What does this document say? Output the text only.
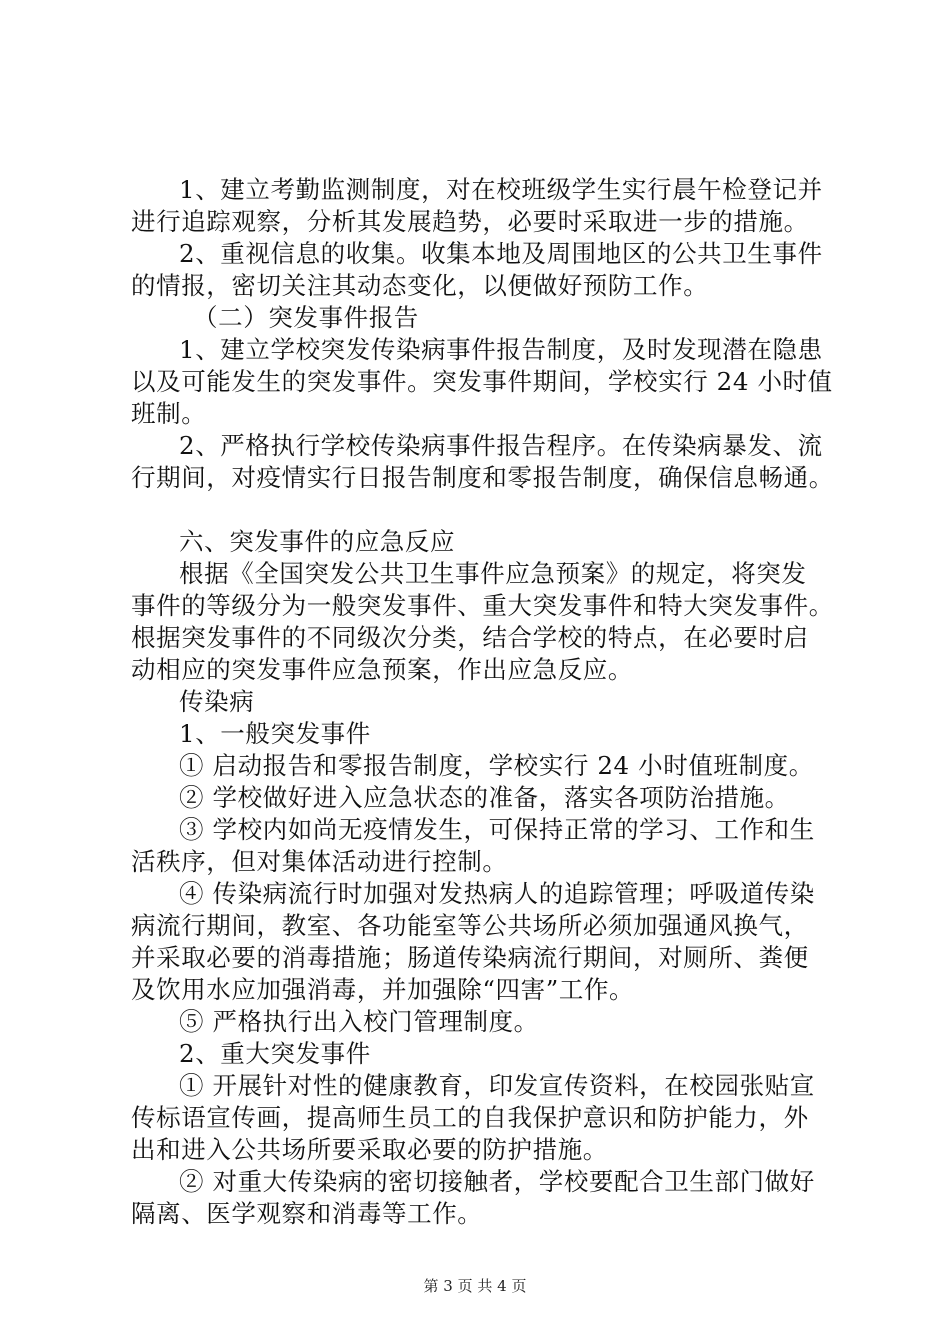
1、建立考勤监测制度，对在校班级学生实行晨午检登记并
进行追踪观察，分析其发展趋势，必要时采取进一步的措施。
2、重视信息的收集。收集本地及周围地区的公共卫生事件
的情报，密切关注其动态变化，以便做好预防工作。
（二）突发事件报告
1、建立学校突发传染病事件报告制度，及时发现潜在隐患
以及可能发生的突发事件。突发事件期间，学校实行 24 小时值
班制。
2、严格执行学校传染病事件报告程序。在传染病暴发、流
行期间，对疫情实行日报告制度和零报告制度，确保信息畅通。
六、突发事件的应急反应
根据《全国突发公共卫生事件应急预案》的规定，将突发
事件的等级分为一般突发事件、重大突发事件和特大突发事件。
根据突发事件的不同级次分类，结合学校的特点，在必要时启
动相应的突发事件应急预案，作出应急反应。
传染病
1、一般突发事件
① 启动报告和零报告制度，学校实行 24 小时值班制度。
② 学校做好进入应急状态的准备，落实各项防治措施。
③ 学校内如尚无疫情发生，可保持正常的学习、工作和生
活秩序，但对集体活动进行控制。
④ 传染病流行时加强对发热病人的追踪管理；呼吸道传染
病流行期间，教室、各功能室等公共场所必须加强通风换气，
并采取必要的消毒措施；肠道传染病流行期间，对厕所、粪便
及饮用水应加强消毒，并加强除“四害”工作。
⑤ 严格执行出入校门管理制度。
2、重大突发事件
① 开展针对性的健康教育，印发宣传资料，在校园张贴宣
传标语宣传画，提高师生员工的自我保护意识和防护能力，外
出和进入公共场所要采取必要的防护措施。
② 对重大传染病的密切接触者，学校要配合卫生部门做好
隔离、医学观察和消毒等工作。
第 3 页 共 4 页
